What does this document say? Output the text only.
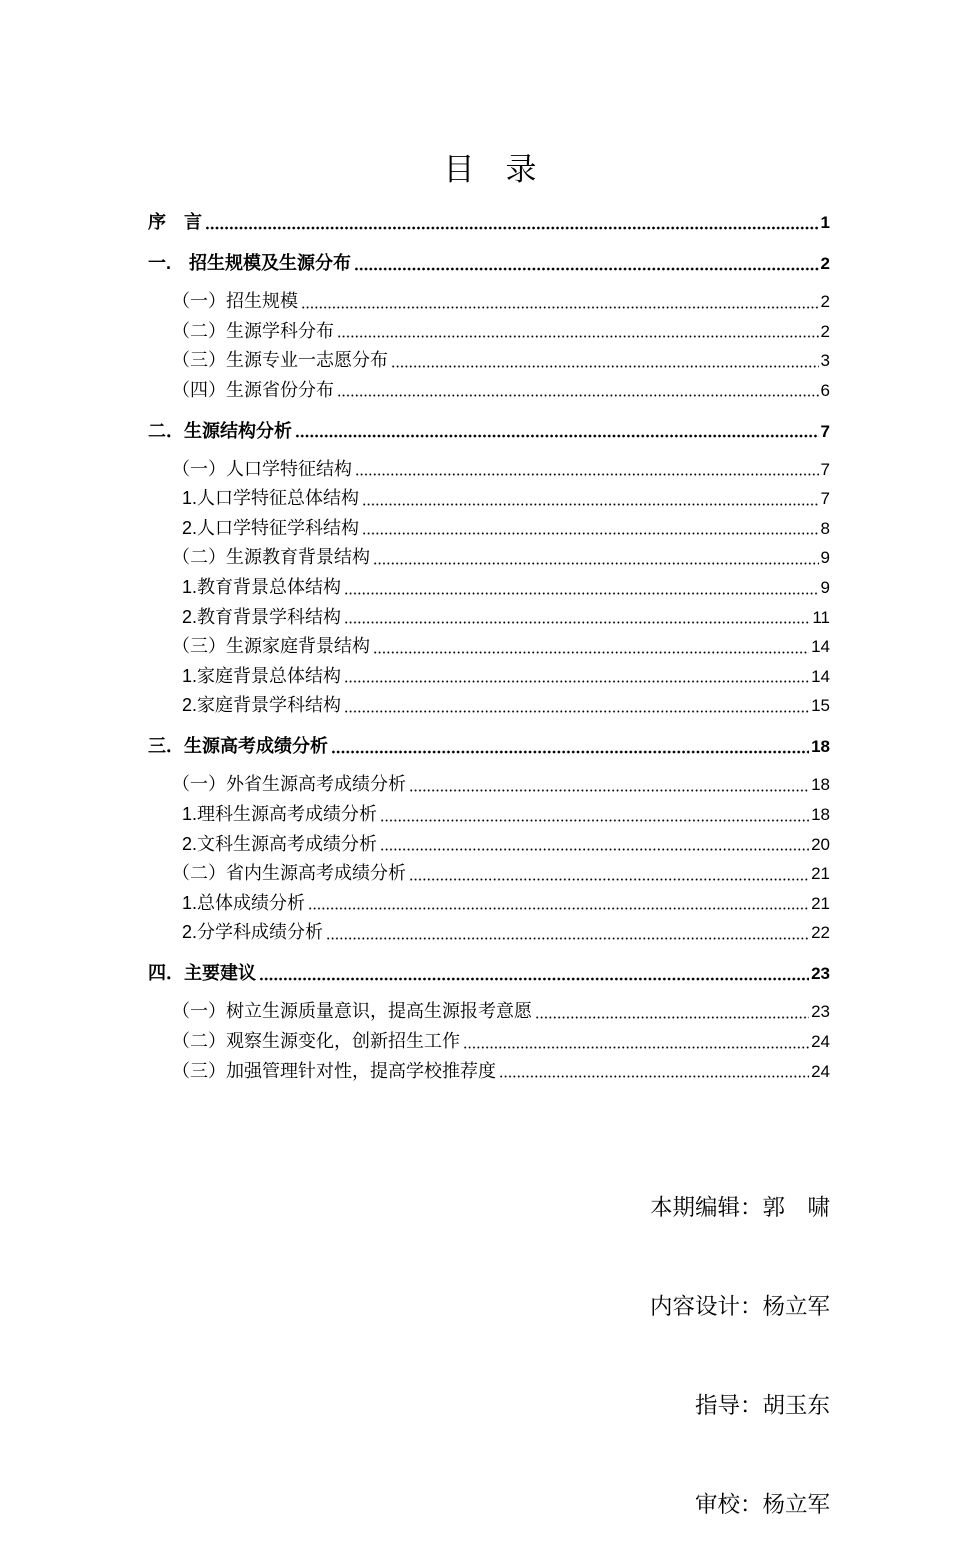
目　录
序　言	1
一.　招生规模及生源分布	2
（一）招生规模	2
（二）生源学科分布	2
（三）生源专业一志愿分布	3
（四）生源省份分布	6
二．生源结构分析	7
（一）人口学特征结构	7
1.人口学特征总体结构	7
2.人口学特征学科结构	8
（二）生源教育背景结构	9
1.教育背景总体结构	9
2.教育背景学科结构	11
（三）生源家庭背景结构	14
1.家庭背景总体结构	14
2.家庭背景学科结构	15
三．生源高考成绩分析	18
（一）外省生源高考成绩分析	18
1.理科生源高考成绩分析	18
2.文科生源高考成绩分析	20
（二）省内生源高考成绩分析	21
1.总体成绩分析	21
2.分学科成绩分析	22
四．主要建议	23
（一）树立生源质量意识，提高生源报考意愿	23
（二）观察生源变化，创新招生工作	24
（三）加强管理针对性，提高学校推荐度	24

本期编辑：郭　啸

内容设计：杨立军

指导：胡玉东

审校：杨立军
